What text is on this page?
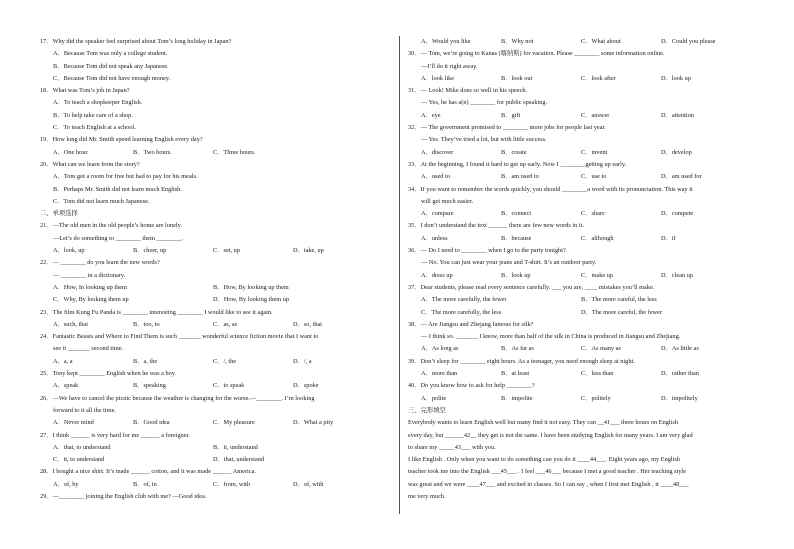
17．Why did the speaker feel surprised about Tom’s long holiday in Japan?
A．Because Tom was only a college student.
B．Because Tom did not speak any Japanese.
C．Because Tom did not have enough money.
18．What was Tom’s job in Japan?
A．To teach a shopkeeper English.
B．To help take care of a shop.
C．To teach English at a school.
19．How long did Mr. Smith spend learning English every day?
A．One hour.	B．Two hours.	C．Three hours.
20．What can we learn from the story?
A．Tom got a room for free but had to pay for his meals.
B．Perhaps Mr. Smith did not learn much English.
C．Tom did not learn much Japanese.
二、单项选择
21．—The old men in the old people’s home are lonely.
—Let’s do something to ________ them ________.
A．look, up	B．cheer, up	C．set, up	D．take, up
22．— ________ do you learn the new words?
— ________ in a dictionary.
A．How, In looking up them	B．How, By looking up them
C．Why, By looking them up	D．How, By looking them up
23．The film Kung Fu Panda is ________ interesting ________ I would like to see it again.
A．such, that	B．too, to	C．as, as	D．so, that
24．Fantastic Beasts and Where to Find Them is such _______ wonderful science fiction movie that I want to
see it _______ second time.
A．a, a	B．a, the	C．/, the	D．/, a
25．Tony kept ________ English when he was a boy.
A．speak	B．speaking	C．to speak	D．spoke
26．—We have to cancel the picnic because the weather is changing for the worse.—________. I’m looking
forward to it all the time.
A．Never mind	B．Good idea	C．My pleasure	D．What a pity
27．I think ______ is very hard for me ______ a foreigner.
A．that, to understand	B．it, understand
C．it, to understand	D．that, understand
28．I bought a nice shirt. It’s made ______ cotton, and it was made ______ America.
A．of, by	B．of, in	C．from, with	D．of, with
29．—________ joining the English club with me? —Good idea.
A．Would you like	B．Why not	C．What about	D．Could you please
30．— Tom, we’re going to Kanas (喀纳斯) for vacation. Please ________ some information online.
—I’ll do it right away.
A．look like	B．look out	C．look after	D．look up
31．— Look! Mike does so well in his speech.
— Yes, he has a(n) ________ for public speaking.
A．eye	B．gift	C．answer	D．attention
32．— The government promised to ________ more jobs for people last year.
— Yes. They’ve tried a lot, but with little success.
A．discover	B．create	C．invent	D．develop
33．At the beginning, I found it hard to get up early. Now I ________getting up early.
A．used to	B．am used to	C．use to	D．am used for
34．If you want to remember the words quickly, you should ________a word with its pronunciation. This way it
will get much easier.
A．compare	B．connect	C．share	D．compete
35．I don’t understand the text ______ there are few new words in it.
A．unless	B．because	C．although	D．if
36．— Do I need to ________ when I go to the party tonight?
— No. You can just wear your jeans and T-shirt. It’s an outdoor party.
A．dress up	B．look up	C．make up	D．clean up
37．Dear students, please read every sentence carefully. ___ you are, ____ mistakes you’ll make.
A．The more carefully, the fewer	B．The more careful, the less
C．The more carefully, the less	D．The more careful, the fewer
38．— Are Jiangsu and Zhejang famous for silk?
— I think so. _______ I know, more than half of the silk in China is produced in Jiangsu and Zhejiang.
A．As long as	B．As far as	C．As many as	D．As little as
39．Don’t sleep for ________ eight hours. As a teenager, you need enough sleep at night.
A．more than	B．at least	C．less than	D．rather than
40．Do you know how to ask for help ________?
A．polite	B．impolite	C．politely	D．impolitely
三、完形填空
Everybody wants to learn English well but many find it not easy. They can __41___ three hours on English
every day, but ______42__ they get is not the same. I have been studying English for many years. I am very glad
to share my _____43___ with you.
I like English . Only when you want to do something can you do it ____44___. Eight years ago, my English
teacher took me into the English ___45___ . I feel ___46___ because I met a good teacher . Her teaching style
was great and we were ____47___ and excited in classes. So I can say , when I first met English , it ____48___
me very much.
